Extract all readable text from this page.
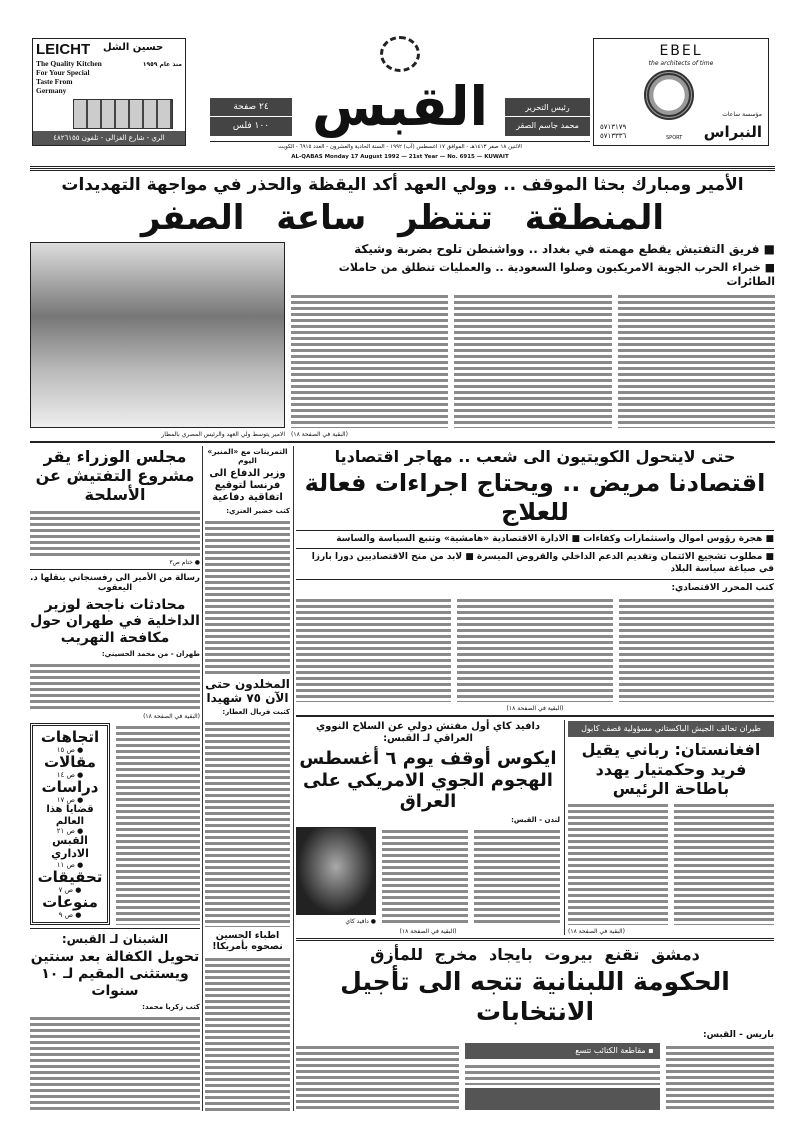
LEICHT حسين الشل
منذ عام ١٩٥٩
The Quality Kitchen
For Your Special
Taste From
Germany
الري - شارع الغزالي - تلفون ٤٨٢٦١٥٥
٢٤ صفحة
١٠٠ فلس القبس	رئيس التحرير
محمد جاسم الصقر
الاثنين ١٨ صفر ١٤١٣هـ - الموافق ١٧ اغسطس (آب) ١٩٩٢ - السنة الحادية والعشرون - العدد ٦٩١٥ - الكويت
AL-QABAS Monday 17 August 1992 — 21st Year — No. 6915 — KUWAIT
EBEL
the architects of time
٥٧١٣١٧٩
٥٧١٣٣٣٦	SPORT
مؤسسة ساعات
النبراس
الأمير ومبارك بحثا الموقف .. وولي العهد أكد اليقظة والحذر في مواجهة التهديدات
المنطقة تنتظر ساعة الصفر
الامير يتوسط ولي العهد والرئيس المصري بالمطار
■ فريق التفتيش يقطع مهمته في بغداد .. وواشنطن تلوح بضربة وشيكة
■ خبراء الحرب الجوية الامريكيون وصلوا السعودية .. والعمليات تنطلق من حاملات الطائرات
(البقية في الصفحة ١٨)
مجلس الوزراء يقر مشروع التفتيش عن الأسلحة
● ختام ص٣
رسالة من الأمير الى رفسنجاني ينقلها د. اليعقوب
محادثات ناجحة لوزير الداخلية في طهران حول مكافحة التهريب
طهران - من محمد الحسيني:
(البقية في الصفحة ١٨)
اتجاهات
● ص ١٥
مقالات
● ص ١٤
دراسات
● ص ١٧
قضايا هذا العالم
● ص ٢١
القبس الاداري
● ص ١١
تحقيقات
● ص ٧
منوعات
● ص ٩
الشبنان لـ القبس:
تحويل الكفالة بعد سنتين ويستثنى المقيم لـ ١٠ سنوات
كتب زكريا محمد:
التمرينات مع «المنبر» اليوم
وزير الدفاع الى فرنسا لتوقيع اتفاقية دفاعية
كتب خضير العنزي:
المخلدون حتى الآن ٧٥ شهيدا
كتبت فريال العطار:
اطباء الحسين نصحوه بأمريكا!
حتى لايتحول الكويتيون الى شعب .. مهاجر اقتصاديا
اقتصادنا مريض .. ويحتاج اجراءات فعالة للعلاج
■ هجرة رؤوس اموال واستثمارات وكفاءات ■ الادارة الاقتصادية «هامشية» وتتبع السياسة والساسة
■ مطلوب تشجيع الائتمان وتقديم الدعم الداخلي والقروض الميسرة ■ لابد من منح الاقتصاديين دورا بارزا في صياغة سياسة البلاد
كتب المحرر الاقتصادي:
(البقية في الصفحة ١٨)
دافيد كاي أول مفتش دولي عن السلاح النووي العراقي لـ القبس:
ايكوس أوقف يوم ٦ أغسطس الهجوم الجوي الامريكي على العراق
لندن - القبس:
● دافيد كاي
(البقية في الصفحة ١٨)
طيران تحالف الجيش الباكستاني مسؤولية قصف كابول
افغانستان: رباني يقيل فريد وحكمتيار يهدد باطاحة الرئيس
(البقية في الصفحة ١٨)
دمشق تقنع بيروت بايجاد مخرج للمأزق
الحكومة اللبنانية تتجه الى تأجيل الانتخابات
باريس - القبس:
▪ مقاطعة الكتائب تتسع
